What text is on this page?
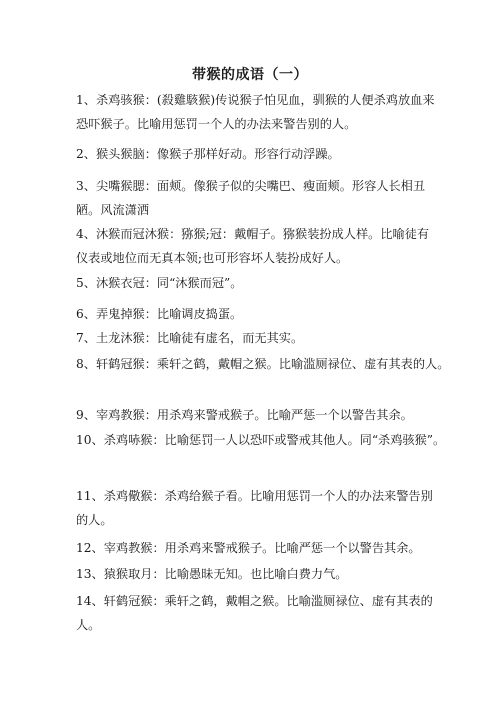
带猴的成语（一）
1、杀鸡骇猴：(殺雞駭猴)传说猴子怕见血，驯猴的人便杀鸡放血来
恐吓猴子。比喻用惩罚一个人的办法来警告别的人。
2、猴头猴脑：像猴子那样好动。形容行动浮躁。
3、尖嘴猴腮：面颊。像猴子似的尖嘴巴、瘦面颊。形容人长相丑
陋。风流潇洒
4、沐猴而冠沐猴：猕猴;冠：戴帽子。猕猴装扮成人样。比喻徒有
仪表或地位而无真本领;也可形容坏人装扮成好人。
5、沐猴衣冠：同“沐猴而冠”。
6、弄鬼掉猴：比喻调皮捣蛋。
7、土龙沐猴：比喻徒有虚名，而无其实。
8、轩鹤冠猴：乘轩之鹤，戴帽之猴。比喻滥厕禄位、虚有其表的人。
9、宰鸡教猴：用杀鸡来警戒猴子。比喻严惩一个以警告其余。
10、杀鸡哧猴：比喻惩罚一人以恐吓或警戒其他人。同“杀鸡骇猴”。
11、杀鸡儆猴：杀鸡给猴子看。比喻用惩罚一个人的办法来警告别
的人。
12、宰鸡教猴：用杀鸡来警戒猴子。比喻严惩一个以警告其余。
13、猿猴取月：比喻愚昧无知。也比喻白费力气。
14、轩鹤冠猴：乘轩之鹤，戴帽之猴。比喻滥厕禄位、虚有其表的
人。
